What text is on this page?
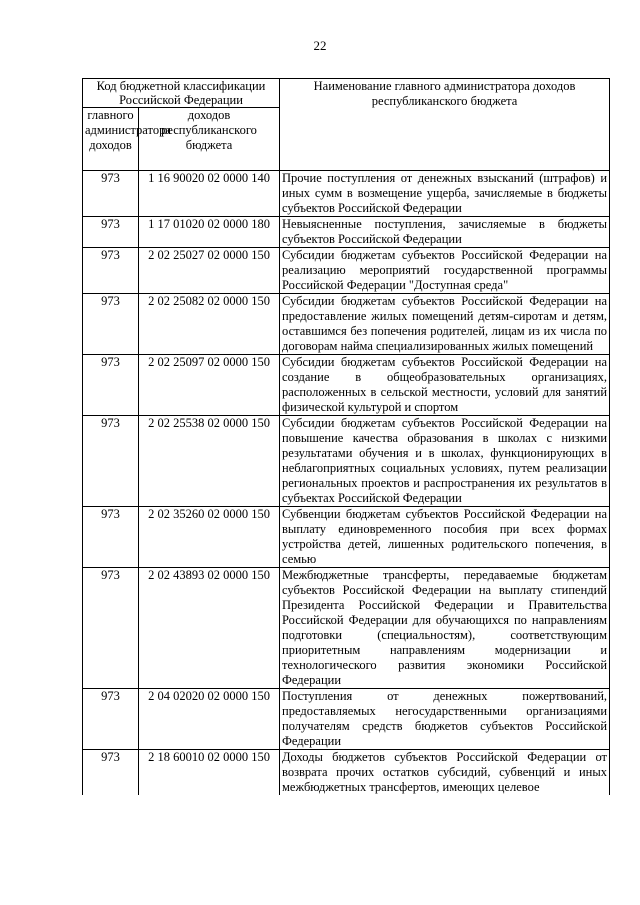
22
Код бюджетной классификации Российской Федерации		Наименование главного администратора доходов республиканского бюджета
главного администратора доходов	доходов республиканского бюджета	
973	1 16 90020 02 0000 140	Прочие поступления от денежных взысканий (штрафов) и иных сумм в возмещение ущерба, зачисляемые в бюджеты субъектов Российской Федерации
973	1 17 01020 02 0000 180	Невыясненные поступления, зачисляемые в бюджеты субъектов Российской Федерации
973	2 02 25027 02 0000 150	Субсидии бюджетам субъектов Российской Федерации на реализацию мероприятий государственной программы Российской Федерации "Доступная среда"
973	2 02 25082 02 0000 150	Субсидии бюджетам субъектов Российской Федерации на предоставление жилых помещений детям-сиротам и детям, оставшимся без попечения родителей, лицам из их числа по договорам найма специализированных жилых помещений
973	2 02 25097 02 0000 150	Субсидии бюджетам субъектов Российской Федерации на создание в общеобразовательных организациях, расположенных в сельской местности, условий для занятий физической культурой и спортом
973	2 02 25538 02 0000 150	Субсидии бюджетам субъектов Российской Федерации на повышение качества образования в школах с низкими результатами обучения и в школах, функционирующих в неблагоприятных социальных условиях, путем реализации региональных проектов и распространения их результатов в субъектах Российской Федерации
973	2 02 35260 02 0000 150	Субвенции бюджетам субъектов Российской Федерации на выплату единовременного пособия при всех формах устройства детей, лишенных родительского попечения, в семью
973	2 02 43893 02 0000 150	Межбюджетные трансферты, передаваемые бюджетам субъектов Российской Федерации на выплату стипендий Президента Российской Федерации и Правительства Российской Федерации для обучающихся по направлениям подготовки (специальностям), соответствующим приоритетным направлениям модернизации и технологического развития экономики Российской Федерации
973	2 04 02020 02 0000 150	Поступления от денежных пожертвований, предоставляемых негосударственными организациями получателям средств бюджетов субъектов Российской Федерации
973	2 18 60010 02 0000 150	Доходы бюджетов субъектов Российской Федерации от возврата прочих остатков субсидий, субвенций и иных межбюджетных трансфертов, имеющих целевое
